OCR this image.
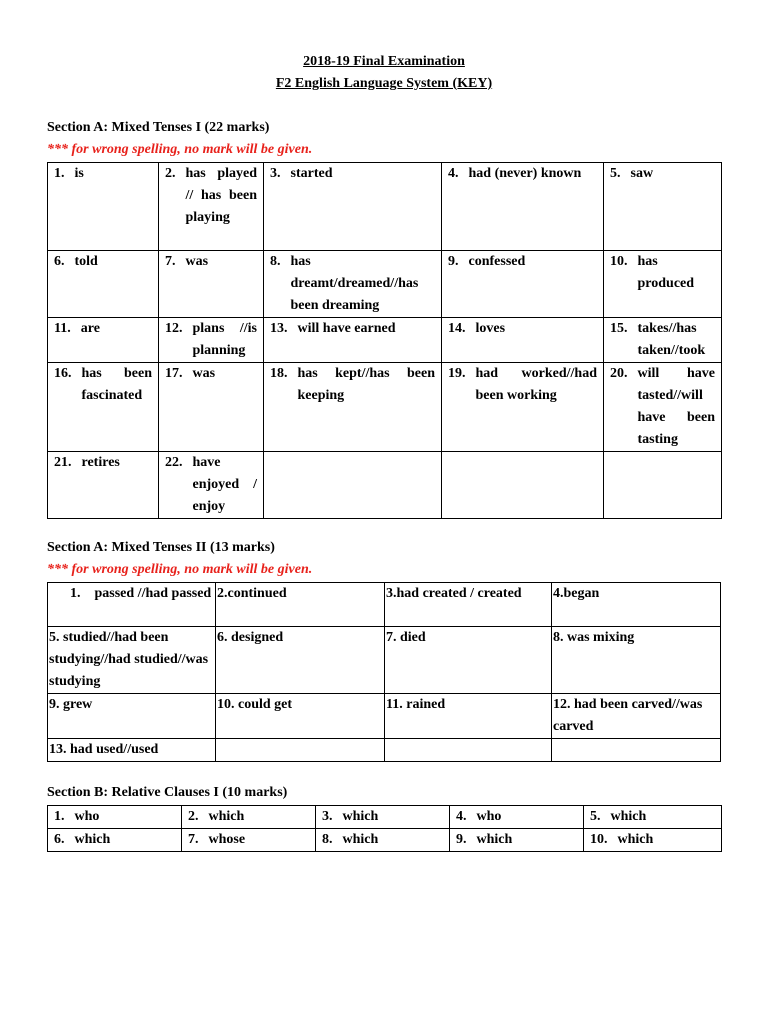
2018-19 Final Examination
F2 English Language System (KEY)
Section A: Mixed Tenses I (22 marks)
*** for wrong spelling, no mark will be given.
1. is	2. has played // has been playing	3. started	4. had (never) known	5. saw

6. told	7. was	8. has dreamt/dreamed//has been dreaming	9. confessed	10. has produced

11. are	12. plans //is planning	13. will have earned	14. loves	15. takes//has taken//took

16. has been fascinated	17. was	18. has kept//has been keeping	19. had worked//had been working	20. will have tasted//will have been tasting

21. retires	22. have enjoyed / enjoy			

Section A: Mixed Tenses II (13 marks)
*** for wrong spelling, no mark will be given.
1. passed //had passed	2.continued	3.had created / created	4.began
5. studied//had been studying//had studied//was studying	6. designed	7. died	8. was mixing
9. grew	10. could get	11. rained	12. had been carved//was carved
13. had used//used			
Section B: Relative Clauses I (10 marks)
1. who	2. which	3. which	4. who	5. which

6. which	7. whose	8. which	9. which	10. which
